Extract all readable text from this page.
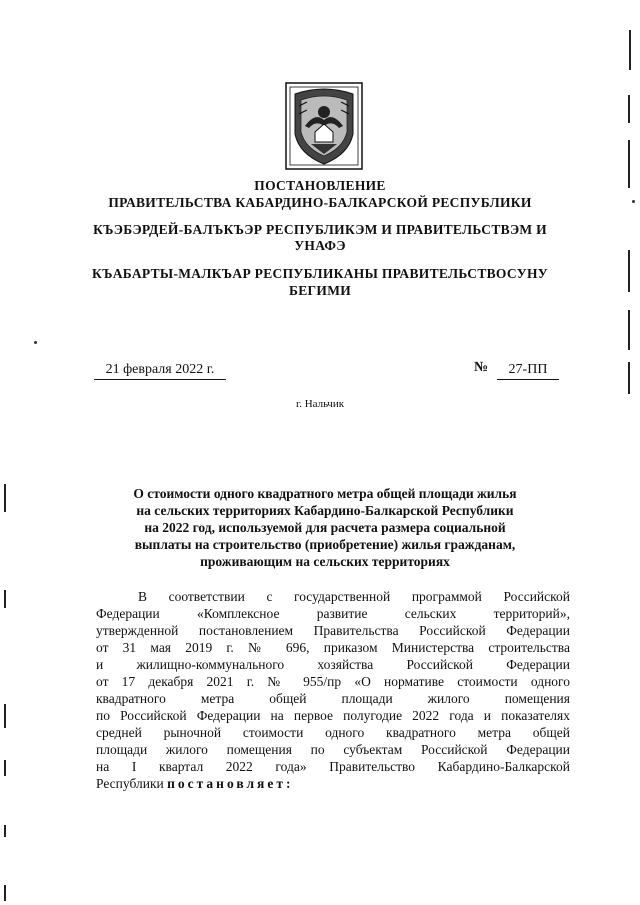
ПОСТАНОВЛЕНИЕ
ПРАВИТЕЛЬСТВА КАБАРДИНО-БАЛКАРСКОЙ РЕСПУБЛИКИ
КЪЭБЭРДЕЙ-БАЛЪКЪЭР РЕСПУБЛИКЭМ И ПРАВИТЕЛЬСТВЭМ И
УНАФЭ
КЪАБАРТЫ-МАЛКЪАР РЕСПУБЛИКАНЫ ПРАВИТЕЛЬСТВОСУНУ
БЕГИМИ
21 февраля 2022 г.	№	27-ПП
г. Нальчик
О стоимости одного квадратного метра общей площади жилья
на сельских территориях Кабардино-Балкарской Республики
на 2022 год, используемой для расчета размера социальной
выплаты на строительство (приобретение) жилья гражданам,
проживающим на сельских территориях
В соответствии с государственной программой Российской
Федерации «Комплексное развитие сельских территорий»,
утвержденной постановлением Правительства Российской Федерации
от 31 мая 2019 г. № 696, приказом Министерства строительства
и жилищно-коммунального хозяйства Российской Федерации
от 17 декабря 2021 г. № 955/пр «О нормативе стоимости одного
квадратного метра общей площади жилого помещения
по Российской Федерации на первое полугодие 2022 года и показателях
средней рыночной стоимости одного квадратного метра общей
площади жилого помещения по субъектам Российской Федерации
на I квартал 2022 года» Правительство Кабардино-Балкарской
Республики постановляет:
